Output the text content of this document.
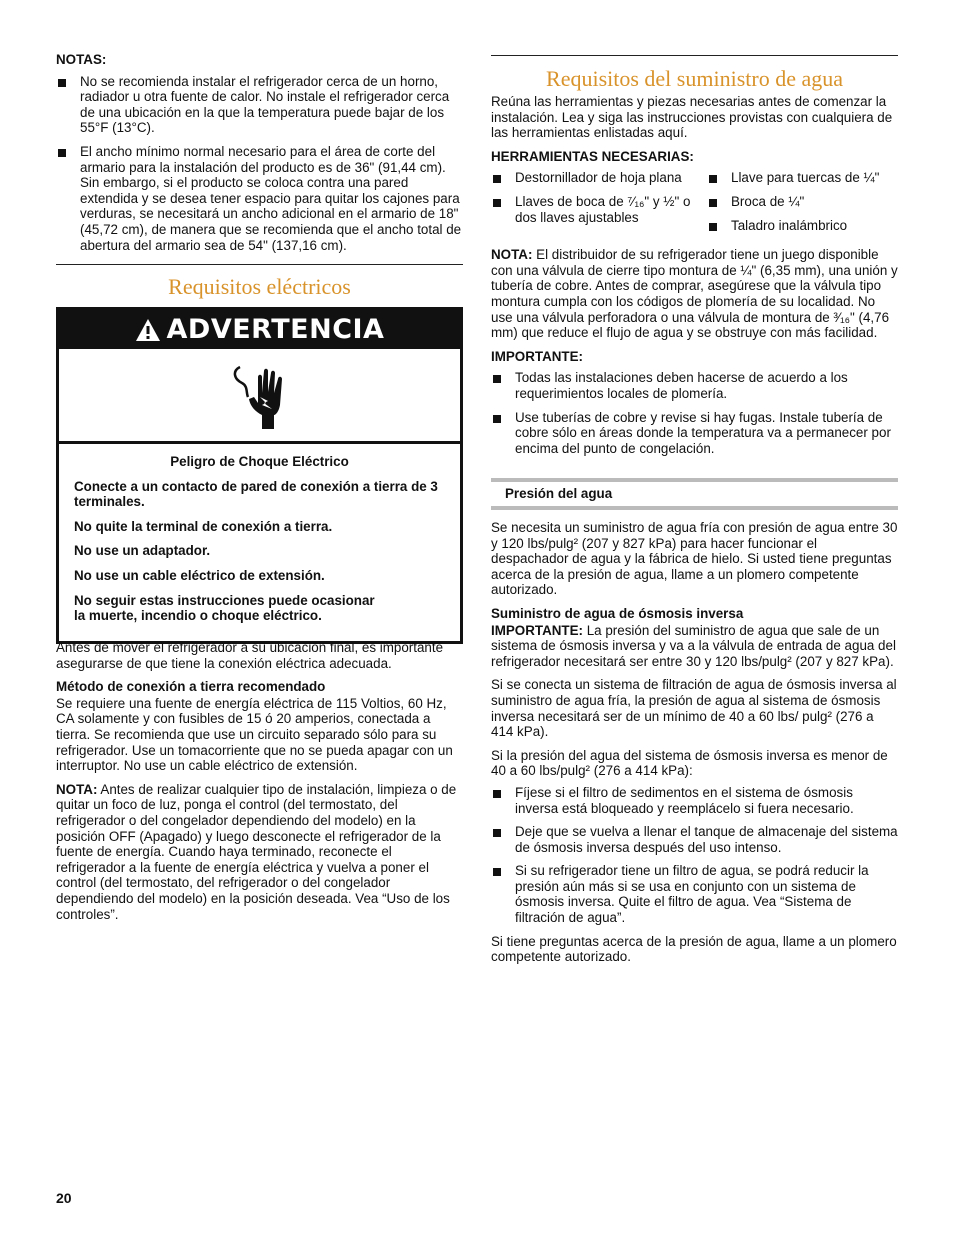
NOTAS:

No se recomienda instalar el refrigerador cerca de un horno, radiador u otra fuente de calor. No instale el refrigerador cerca de una ubicación en la que la temperatura puede bajar de los 55°F (13°C).
El ancho mínimo normal necesario para el área de corte del armario para la instalación del producto es de 36" (91,44 cm). Sin embargo, si el producto se coloca contra una pared extendida y se desea tener espacio para quitar los cajones para verduras, se necesitará un ancho adicional en el armario de 18" (45,72 cm), de manera que se recomienda que el ancho total de abertura del armario sea de 54" (137,16 cm).
Requisitos eléctricos
ADVERTENCIA

Peligro de Choque Eléctrico

Conecte a un contacto de pared de conexión a tierra de 3 terminales.

No quite la terminal de conexión a tierra.

No use un adaptador.

No use un cable eléctrico de extensión.

No seguir estas instrucciones puede ocasionar la muerte, incendio o choque eléctrico.

Antes de mover el refrigerador a su ubicación final, es importante asegurarse de que tiene la conexión eléctrica adecuada.

Método de conexión a tierra recomendado

Se requiere una fuente de energía eléctrica de 115 Voltios, 60 Hz, CA solamente y con fusibles de 15 ó 20 amperios, conectada a tierra. Se recomienda que use un circuito separado sólo para su refrigerador. Use un tomacorriente que no se pueda apagar con un interruptor. No use un cable eléctrico de extensión.

NOTA: Antes de realizar cualquier tipo de instalación, limpieza o de quitar un foco de luz, ponga el control (del termostato, del refrigerador o del congelador dependiendo del modelo) en la posición OFF (Apagado) y luego desconecte el refrigerador de la fuente de energía. Cuando haya terminado, reconecte el refrigerador a la fuente de energía eléctrica y vuelva a poner el control (del termostato, del refrigerador o del congelador dependiendo del modelo) en la posición deseada. Vea “Uso de los controles”.

Requisitos del suministro de agua

Reúna las herramientas y piezas necesarias antes de comenzar la instalación. Lea y siga las instrucciones provistas con cualquiera de las herramientas enlistadas aquí.

HERRAMIENTAS NECESARIAS:

Destornillador de hoja plana
Llaves de boca de ⁷⁄₁₆" y ½" o dos llaves ajustables
Llave para tuercas de ¼"
Broca de ¼"
Taladro inalámbrico

NOTA: El distribuidor de su refrigerador tiene un juego disponible con una válvula de cierre tipo montura de ¼" (6,35 mm), una unión y tubería de cobre. Antes de comprar, asegúrese que la válvula tipo montura cumpla con los códigos de plomería de su localidad. No use una válvula perforadora o una válvula de montura de ³⁄₁₆" (4,76 mm) que reduce el flujo de agua y se obstruye con más facilidad.

IMPORTANTE:

Todas las instalaciones deben hacerse de acuerdo a los requerimientos locales de plomería.
Use tuberías de cobre y revise si hay fugas. Instale tubería de cobre sólo en áreas donde la temperatura va a permanecer por encima del punto de congelación.
Presión del agua

Se necesita un suministro de agua fría con presión de agua entre 30 y 120 lbs/pulg² (207 y 827 kPa) para hacer funcionar el despachador de agua y la fábrica de hielo. Si usted tiene preguntas acerca de la presión de agua, llame a un plomero competente autorizado.

Suministro de agua de ósmosis inversa

IMPORTANTE: La presión del suministro de agua que sale de un sistema de ósmosis inversa y va a la válvula de entrada de agua del refrigerador necesitará ser entre 30 y 120 lbs/pulg² (207 y 827 kPa).

Si se conecta un sistema de filtración de agua de ósmosis inversa al suministro de agua fría, la presión de agua al sistema de ósmosis inversa necesitará ser de un mínimo de 40 a 60 lbs/ pulg² (276 a 414 kPa).

Si la presión del agua del sistema de ósmosis inversa es menor de 40 a 60 lbs/pulg² (276 a 414 kPa):

Fíjese si el filtro de sedimentos en el sistema de ósmosis inversa está bloqueado y reemplácelo si fuera necesario.
Deje que se vuelva a llenar el tanque de almacenaje del sistema de ósmosis inversa después del uso intenso.
Si su refrigerador tiene un filtro de agua, se podrá reducir la presión aún más si se usa en conjunto con un sistema de ósmosis inversa. Quite el filtro de agua. Vea “Sistema de filtración de agua”.

Si tiene preguntas acerca de la presión de agua, llame a un plomero competente autorizado.

20
